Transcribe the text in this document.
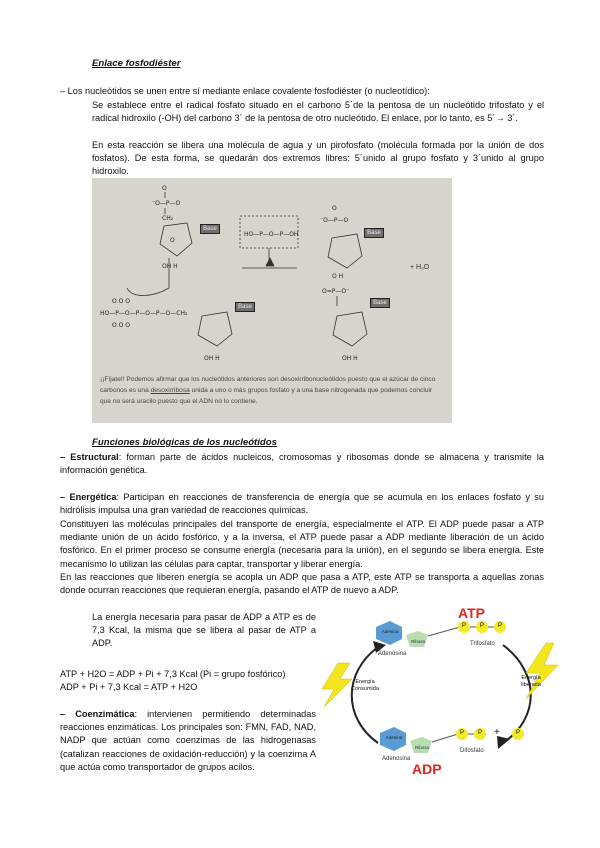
Enlace fosfodiéster
– Los nucleótidos se unen entre sí mediante enlace covalente fosfodiéster (o nucleotídico):
Se establece entre el radical fosfato situado en el carbono 5´de la pentosa de un nucleótido trifosfato y el radical hidroxilo (-OH) del carbono 3´ de la pentosa de otro nucleótido. El enlace, por lo tanto, es 5´→ 3´.
En esta reacción se libera una molécula de agua y un pirofosfato (molécula formada por la unión de dos fosfatos). De esta forma, se quedarán dos extremos libres: 5´unido al grupo fosfato y 3´unido al grupo hidroxilo.
O
⁻O—P—O
CH₂
O
OH H
O O O
HO—P—O—P—O—P—O—CH₂
O O O
OH H
HO—P—O—P—OH
O
⁻O—P—O
O H
O=P—O⁻
OH H
Base
Base
Base
Base
+ H₂O
¡¡Fíjate!! Podemos afirmar que los nucleótidos anteriores son desoxirribonucleótidos puesto que el azúcar de cinco carbonos es una desoxirribosa unida a uno o más grupos fosfato y a una base nitrogenada que podemos concluir que no será uracilo puesto que el ADN no lo contiene.
Funciones biológicas de los nucleótidos
– Estructural: forman parte de ácidos nucleicos, cromosomas y ribosomas donde se almacena y transmite la información genética.
– Energética: Participan en reacciones de transferencia de energía que se acumula en los enlaces fosfato y su hidrólisis impulsa una gran variedad de reacciones químicas.
Constituyen las moléculas principales del transporte de energía, especialmente el ATP. El ADP puede pasar a ATP mediante unión de un ácido fosfórico, y a la inversa, el ATP puede pasar a ADP mediante liberación de un ácido fosfórico. En el primer proceso se consume energía (necesaria para la unión), en el segundo se libera energía. Este mecanismo lo utilizan las células para captar, transportar y liberar energía.
En las reacciones que liberen energía se acopla un ADP que pasa a ATP, este ATP se transporta a aquellas zonas donde ocurran reacciones que requieran energía, pasando el ATP de nuevo a ADP.
La energía necesaria para pasar de ADP a ATP es de 7,3 Kcal, la misma que se libera al pasar de ATP a ADP.
ATP + H2O = ADP + Pi + 7,3 Kcal (Pi = grupo fosfórico)
ADP + Pi + 7,3 Kcal = ATP + H2O
– Coenzimática: intervienen permitiendo determinadas reacciones enzimáticas. Los principales son: FMN, FAD, NAD, NADP que actúan como coenzimas de las hidrogenasas (catalizan reacciones de oxidación-reducción) y la coenzima A que actúa como transportador de grupos acilos.
ATP
ADP
Adenina
Ribosa
Adenina
Ribosa
P P P
P P	P
+
Adenosina
Trifosfato
Adenosina
Difosfato
Energía Consumida
Energía liberada
